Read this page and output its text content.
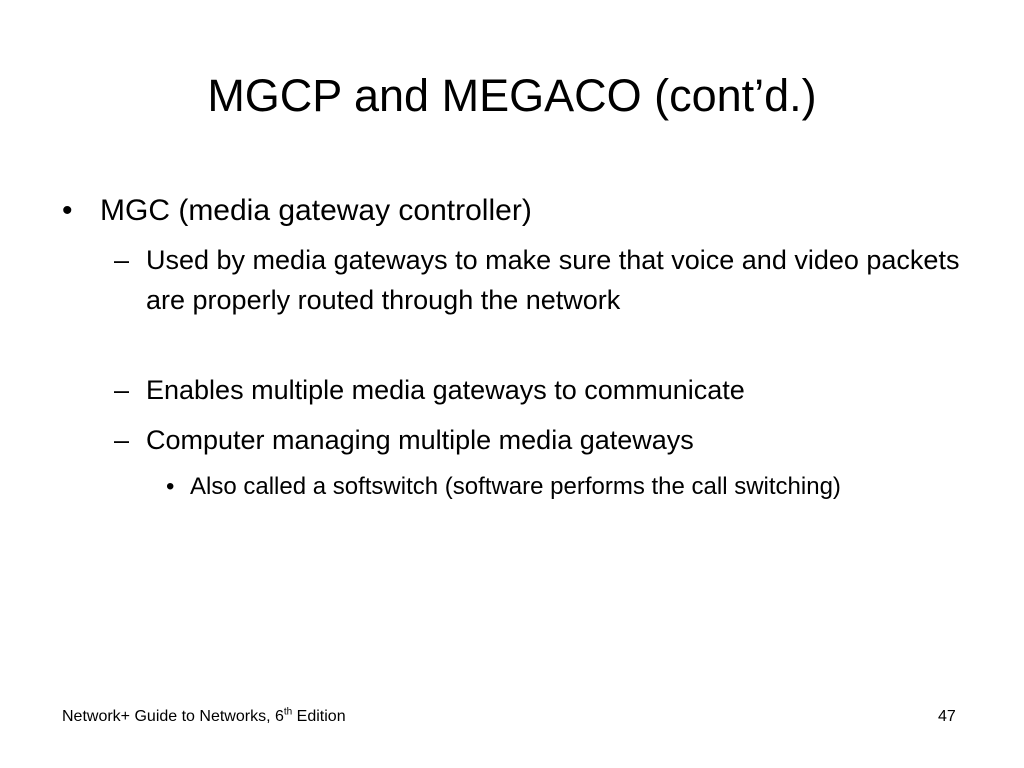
MGCP and MEGACO (cont’d.)
• MGC (media gateway controller)
– Used by media gateways to make sure that voice and video packets are properly routed through the network
– Enables multiple media gateways to communicate
– Computer managing multiple media gateways
• Also called a softswitch (software performs the call switching)
Network+ Guide to Networks, 6th Edition	47
